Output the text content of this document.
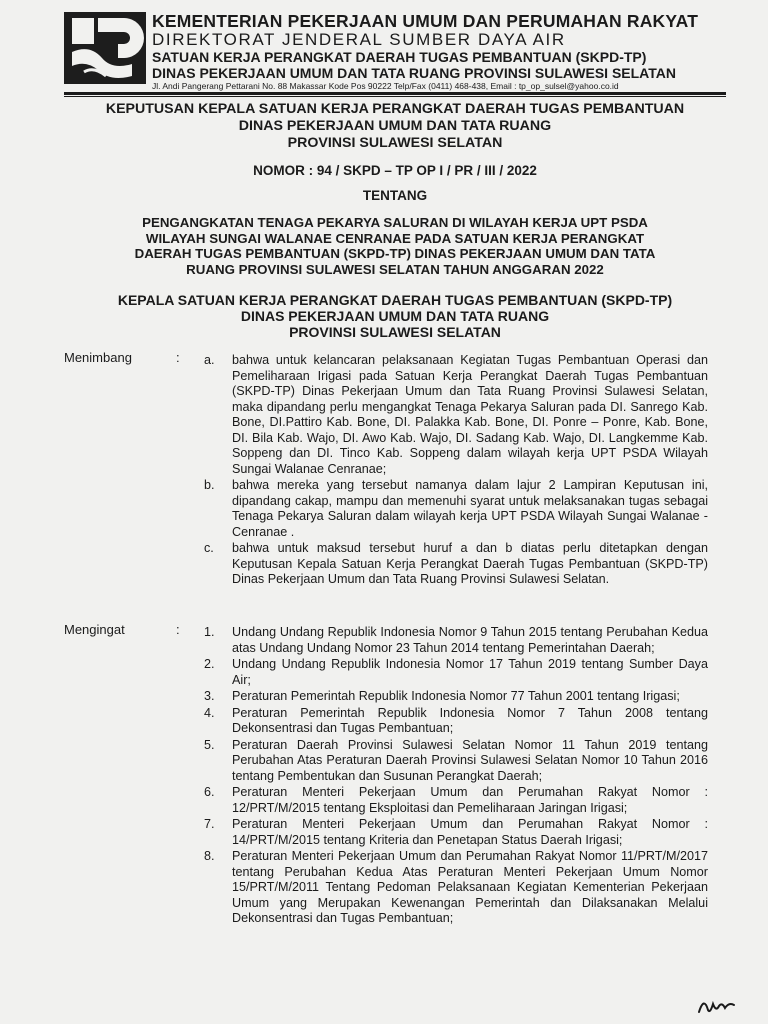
KEMENTERIAN PEKERJAAN UMUM DAN PERUMAHAN RAKYAT
DIREKTORAT JENDERAL SUMBER DAYA AIR
SATUAN KERJA PERANGKAT DAERAH TUGAS PEMBANTUAN (SKPD-TP)
DINAS PEKERJAAN UMUM DAN TATA RUANG PROVINSI SULAWESI SELATAN
Jl. Andi Pangerang Pettarani No. 88 Makassar Kode Pos 90222 Telp/Fax (0411) 468-438, Email : tp_op_sulsel@yahoo.co.id
KEPUTUSAN KEPALA SATUAN KERJA PERANGKAT DAERAH TUGAS PEMBANTUAN
DINAS PEKERJAAN UMUM DAN TATA RUANG
PROVINSI SULAWESI SELATAN
NOMOR : 94 / SKPD – TP OP I / PR / III / 2022
TENTANG
PENGANGKATAN TENAGA PEKARYA SALURAN DI WILAYAH KERJA UPT PSDA
WILAYAH SUNGAI WALANAE CENRANAE PADA SATUAN KERJA PERANGKAT
DAERAH TUGAS PEMBANTUAN (SKPD-TP) DINAS PEKERJAAN UMUM DAN TATA
RUANG PROVINSI SULAWESI SELATAN TAHUN ANGGARAN 2022
KEPALA SATUAN KERJA PERANGKAT DAERAH TUGAS PEMBANTUAN (SKPD-TP)
DINAS PEKERJAAN UMUM DAN TATA RUANG
PROVINSI SULAWESI SELATAN
Menimbang	: a. bahwa untuk kelancaran pelaksanaan Kegiatan Tugas Pembantuan Operasi dan Pemeliharaan Irigasi pada Satuan Kerja Perangkat Daerah Tugas Pembantuan (SKPD-TP) Dinas Pekerjaan Umum dan Tata Ruang Provinsi Sulawesi Selatan, maka dipandang perlu mengangkat Tenaga Pekarya Saluran pada DI. Sanrego Kab. Bone, DI.Pattiro Kab. Bone, DI. Palakka Kab. Bone, DI. Ponre – Ponre, Kab. Bone, DI. Bila Kab. Wajo, DI. Awo Kab. Wajo, DI. Sadang Kab. Wajo, DI. Langkemme Kab. Soppeng dan DI. Tinco Kab. Soppeng dalam wilayah kerja UPT PSDA Wilayah Sungai Walanae Cenranae;
b. bahwa mereka yang tersebut namanya dalam lajur 2 Lampiran Keputusan ini, dipandang cakap, mampu dan memenuhi syarat untuk melaksanakan tugas sebagai Tenaga Pekarya Saluran dalam wilayah kerja UPT PSDA Wilayah Sungai Walanae - Cenranae .
c. bahwa untuk maksud tersebut huruf a dan b diatas perlu ditetapkan dengan Keputusan Kepala Satuan Kerja Perangkat Daerah Tugas Pembantuan (SKPD-TP) Dinas Pekerjaan Umum dan Tata Ruang Provinsi Sulawesi Selatan.
Mengingat	: 1. Undang Undang Republik Indonesia Nomor 9 Tahun 2015 tentang Perubahan Kedua atas Undang Undang Nomor 23 Tahun 2014 tentang Pemerintahan Daerah;
2. Undang Undang Republik Indonesia Nomor 17 Tahun 2019 tentang Sumber Daya Air;
3. Peraturan Pemerintah Republik Indonesia Nomor 77 Tahun 2001 tentang Irigasi;
4. Peraturan Pemerintah Republik Indonesia Nomor 7 Tahun 2008 tentang Dekonsentrasi dan Tugas Pembantuan;
5. Peraturan Daerah Provinsi Sulawesi Selatan Nomor 11 Tahun 2019 tentang Perubahan Atas Peraturan Daerah Provinsi Sulawesi Selatan Nomor 10 Tahun 2016 tentang Pembentukan dan Susunan Perangkat Daerah;
6. Peraturan Menteri Pekerjaan Umum dan Perumahan Rakyat Nomor : 12/PRT/M/2015 tentang Eksploitasi dan Pemeliharaan Jaringan Irigasi;
7. Peraturan Menteri Pekerjaan Umum dan Perumahan Rakyat Nomor : 14/PRT/M/2015 tentang Kriteria dan Penetapan Status Daerah Irigasi;
8. Peraturan Menteri Pekerjaan Umum dan Perumahan Rakyat Nomor 11/PRT/M/2017 tentang Perubahan Kedua Atas Peraturan Menteri Pekerjaan Umum Nomor 15/PRT/M/2011 Tentang Pedoman Pelaksanaan Kegiatan Kementerian Pekerjaan Umum yang Merupakan Kewenangan Pemerintah dan Dilaksanakan Melalui Dekonsentrasi dan Tugas Pembantuan;
